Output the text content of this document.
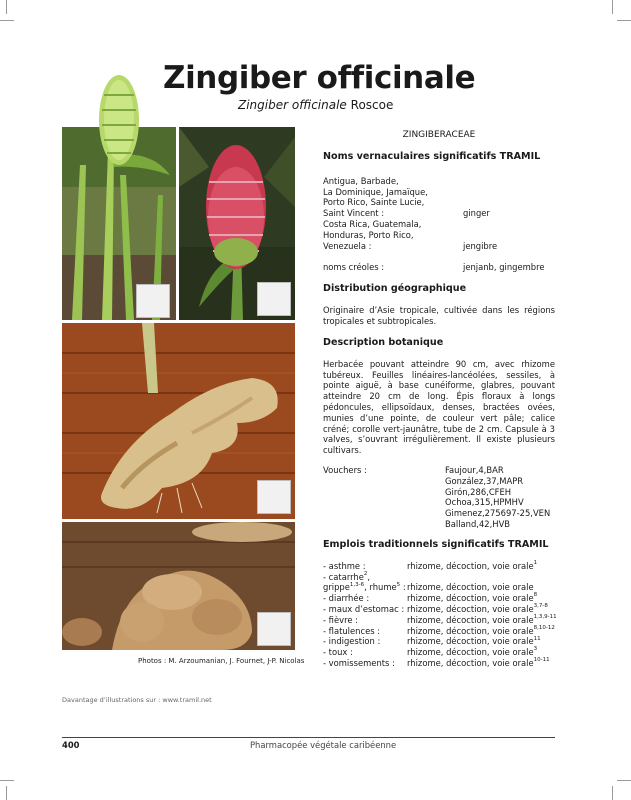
Zingiber officinale
Zingiber officinale Roscoe
Photos : M. Arzoumanian, J. Fournet, J-P. Nicolas
ZINGIBERACEAE
Noms vernaculaires significatifs TRAMIL
Antigua, Barbade,
La Dominique, Jamaïque,
Porto Rico, Sainte Lucie,
Saint Vincent :	ginger
Costa Rica, Guatemala,
Honduras, Porto Rico,
Venezuela :	jengibre
noms créoles :	jenjanb, gingembre
Distribution géographique

Originaire d’Asie tropicale, cultivée dans les régions tropicales et subtropicales.

Description botanique

Herbacée pouvant atteindre 90 cm, avec rhizome tubéreux. Feuilles linéaires-lancéolées, sessiles, à pointe aiguë, à base cunéiforme, glabres, pouvant atteindre 20 cm de long. Épis floraux à longs pédoncules, ellipsoïdaux, denses, bractées ovées, munies d’une pointe, de couleur vert pâle; calice créné; corolle vert-jaunâtre, tube de 2 cm. Capsule à 3 valves, s’ouvrant irrégulièrement. Il existe plusieurs cultivars.

Vouchers :	Faujour,4,BAR
González,37,MAPR
Girón,286,CFEH
Ochoa,315,HPMHV
Gimenez,275697-25,VEN
Balland,42,HVB
Emplois traditionnels significatifs TRAMIL
- asthme :	rhizome, décoction, voie orale$^1$
- catarrhe$^2$,
grippe$^{1,3-6}$, rhume$^5$ : rhizome, décoction, voie orale
- diarrhée :	rhizome, décoction, voie orale$^8$
- maux d’estomac : rhizome, décoction, voie orale$^{3,7-8}$
- fièvre :	rhizome, décoction, voie orale$^{1,3,9-11}$
- flatulences :	rhizome, décoction, voie orale$^{8,10-12}$
- indigestion :	rhizome, décoction, voie orale$^{11}$
- toux :	rhizome, décoction, voie orale$^3$
- vomissements :	rhizome, décoction, voie orale$^{10-11}$
Davantage d’illustrations sur : www.tramil.net
400	Pharmacopée végétale caribéenne
